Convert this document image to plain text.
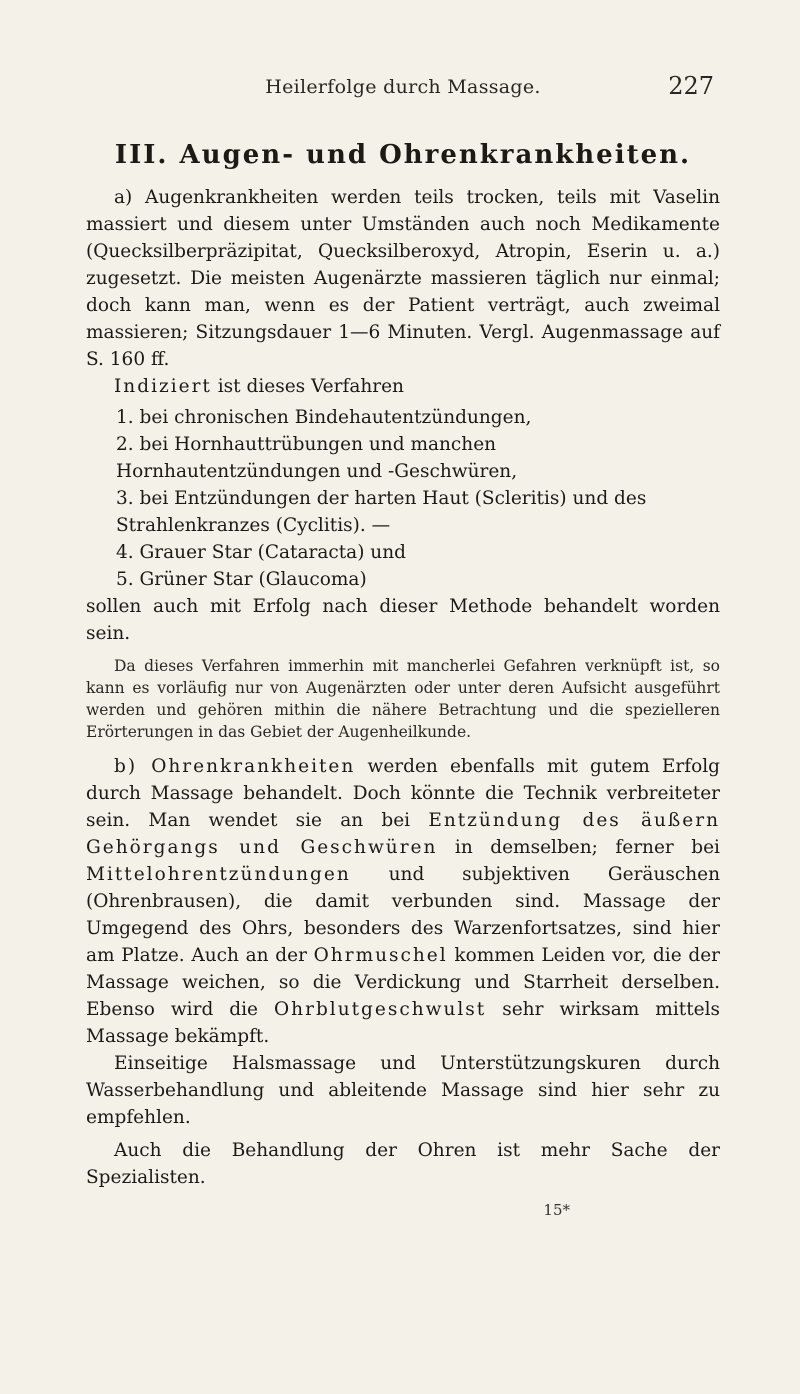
Heilerfolge durch Massage.	227
III. Augen- und Ohrenkrankheiten.

a) Augenkrankheiten werden teils trocken, teils mit Vaselin massiert und diesem unter Umständen auch noch Medikamente (Quecksilberpräzipitat, Quecksilberoxyd, Atropin, Eserin u. a.) zugesetzt. Die meisten Augenärzte massieren täglich nur einmal; doch kann man, wenn es der Patient verträgt, auch zweimal massieren; Sitzungsdauer 1—6 Minuten. Vergl. Augenmassage auf S. 160 ff.

Indiziert ist dieses Verfahren

1. bei chronischen Bindehautentzündungen,
2. bei Hornhauttrübungen und manchen Hornhautentzündungen und -Geschwüren,
3. bei Entzündungen der harten Haut (Scleritis) und des Strahlenkranzes (Cyclitis). —
4. Grauer Star (Cataracta) und
5. Grüner Star (Glaucoma)

sollen auch mit Erfolg nach dieser Methode behandelt worden sein.

Da dieses Verfahren immerhin mit mancherlei Gefahren verknüpft ist, so kann es vorläufig nur von Augenärzten oder unter deren Aufsicht ausgeführt werden und gehören mithin die nähere Betrachtung und die spezielleren Erörterungen in das Gebiet der Augenheilkunde.

b) Ohrenkrankheiten werden ebenfalls mit gutem Erfolg durch Massage behandelt. Doch könnte die Technik verbreiteter sein. Man wendet sie an bei Entzündung des äußern Gehörgangs und Geschwüren in demselben; ferner bei Mittelohrentzündungen und subjektiven Geräuschen (Ohrenbrausen), die damit verbunden sind. Massage der Umgegend des Ohrs, besonders des Warzenfortsatzes, sind hier am Platze. Auch an der Ohrmuschel kommen Leiden vor, die der Massage weichen, so die Verdickung und Starrheit derselben. Ebenso wird die Ohrblutgeschwulst sehr wirksam mittels Massage bekämpft.

Einseitige Halsmassage und Unterstützungskuren durch Wasserbehandlung und ableitende Massage sind hier sehr zu empfehlen.

Auch die Behandlung der Ohren ist mehr Sache der Spezialisten.

15*
